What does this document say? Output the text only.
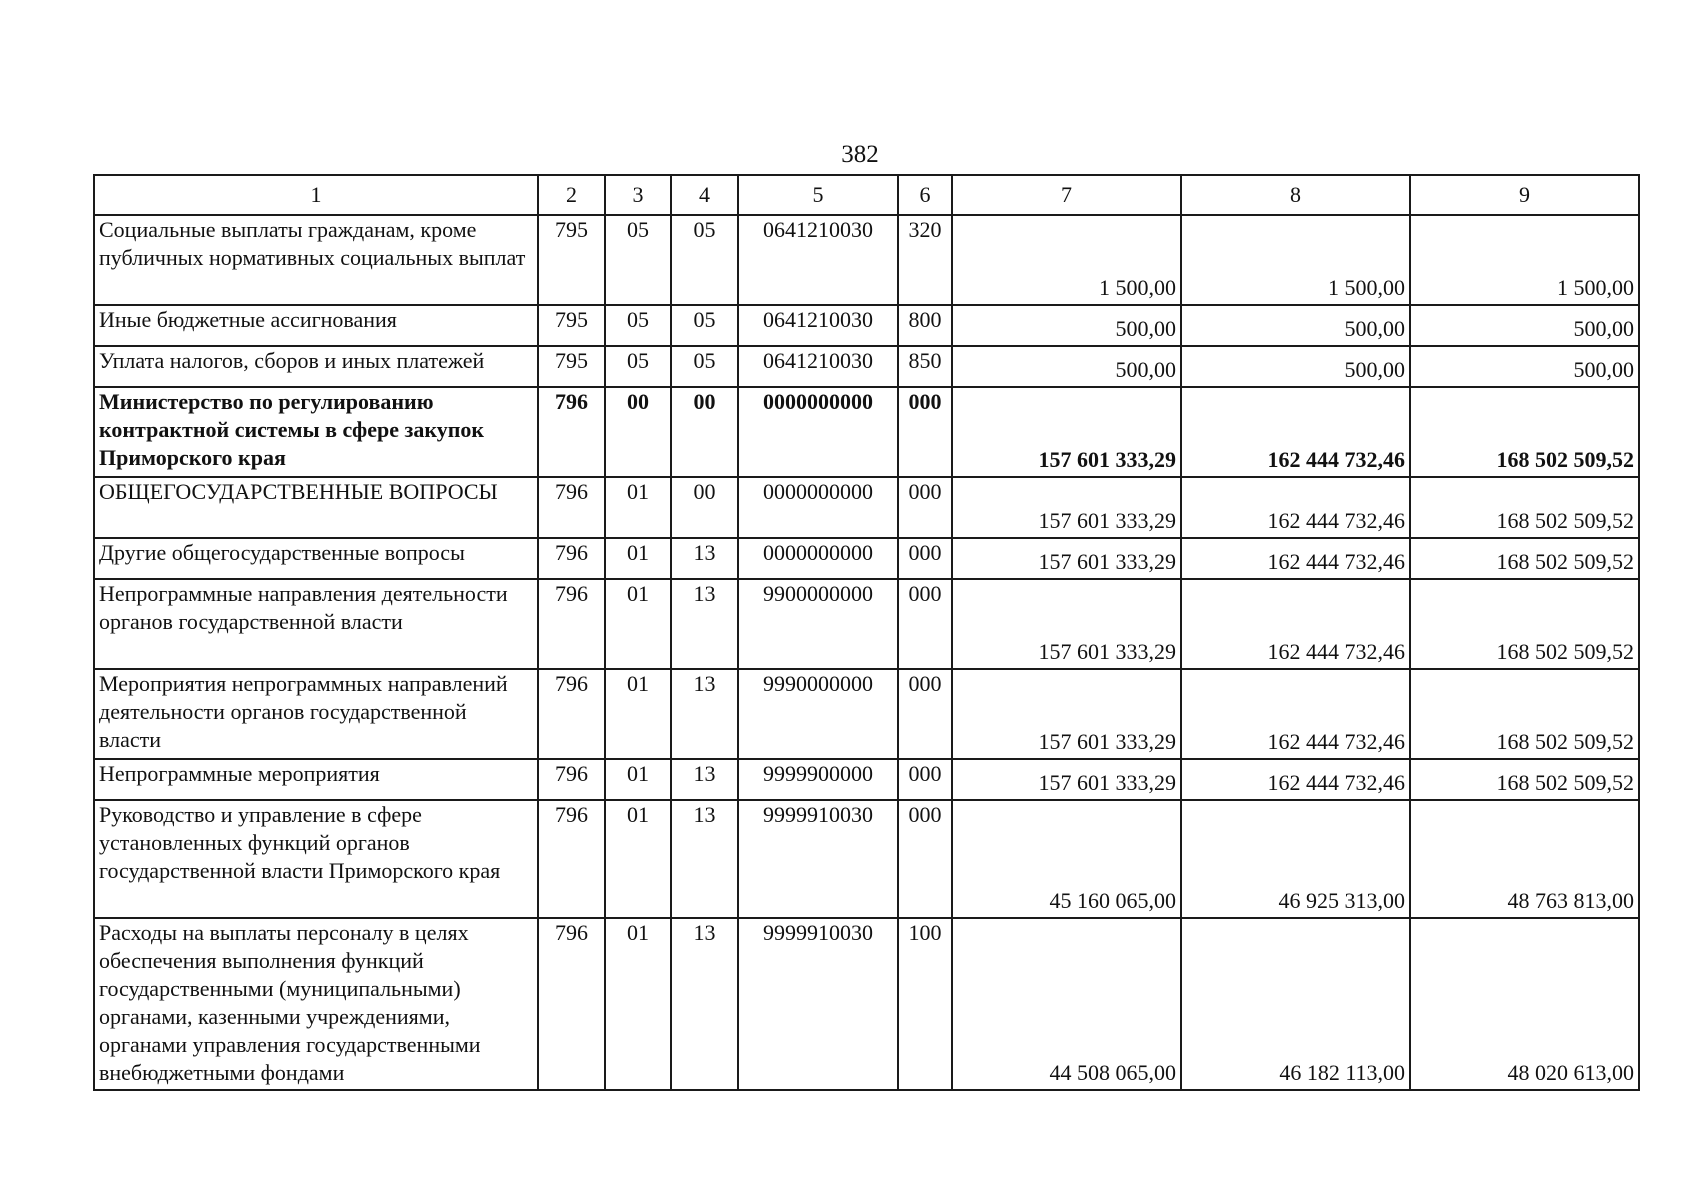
382
1	2	3	4	5	6	7	8	9
Социальные выплаты гражданам, кроме публичных нормативных социальных выплат	795	05	05	0641210030	320	1 500,00	1 500,00	1 500,00
Иные бюджетные ассигнования	795	05	05	0641210030	800	500,00	500,00	500,00
Уплата налогов, сборов и иных платежей	795	05	05	0641210030	850	500,00	500,00	500,00
Министерство по регулированию контрактной системы в сфере закупок Приморского края	796	00	00	0000000000	000	157 601 333,29	162 444 732,46	168 502 509,52
ОБЩЕГОСУДАРСТВЕННЫЕ ВОПРОСЫ	796	01	00	0000000000	000	157 601 333,29	162 444 732,46	168 502 509,52
Другие общегосударственные вопросы	796	01	13	0000000000	000	157 601 333,29	162 444 732,46	168 502 509,52
Непрограммные направления деятельности органов государственной власти	796	01	13	9900000000	000	157 601 333,29	162 444 732,46	168 502 509,52
Мероприятия непрограммных направлений деятельности органов государственной власти	796	01	13	9990000000	000	157 601 333,29	162 444 732,46	168 502 509,52
Непрограммные мероприятия	796	01	13	9999900000	000	157 601 333,29	162 444 732,46	168 502 509,52
Руководство и управление в сфере установленных функций органов государственной власти Приморского края	796	01	13	9999910030	000	45 160 065,00	46 925 313,00	48 763 813,00
Расходы на выплаты персоналу в целях обеспечения выполнения функций государственными (муниципальными) органами, казенными учреждениями, органами управления государственными внебюджетными фондами	796	01	13	9999910030	100	44 508 065,00	46 182 113,00	48 020 613,00
